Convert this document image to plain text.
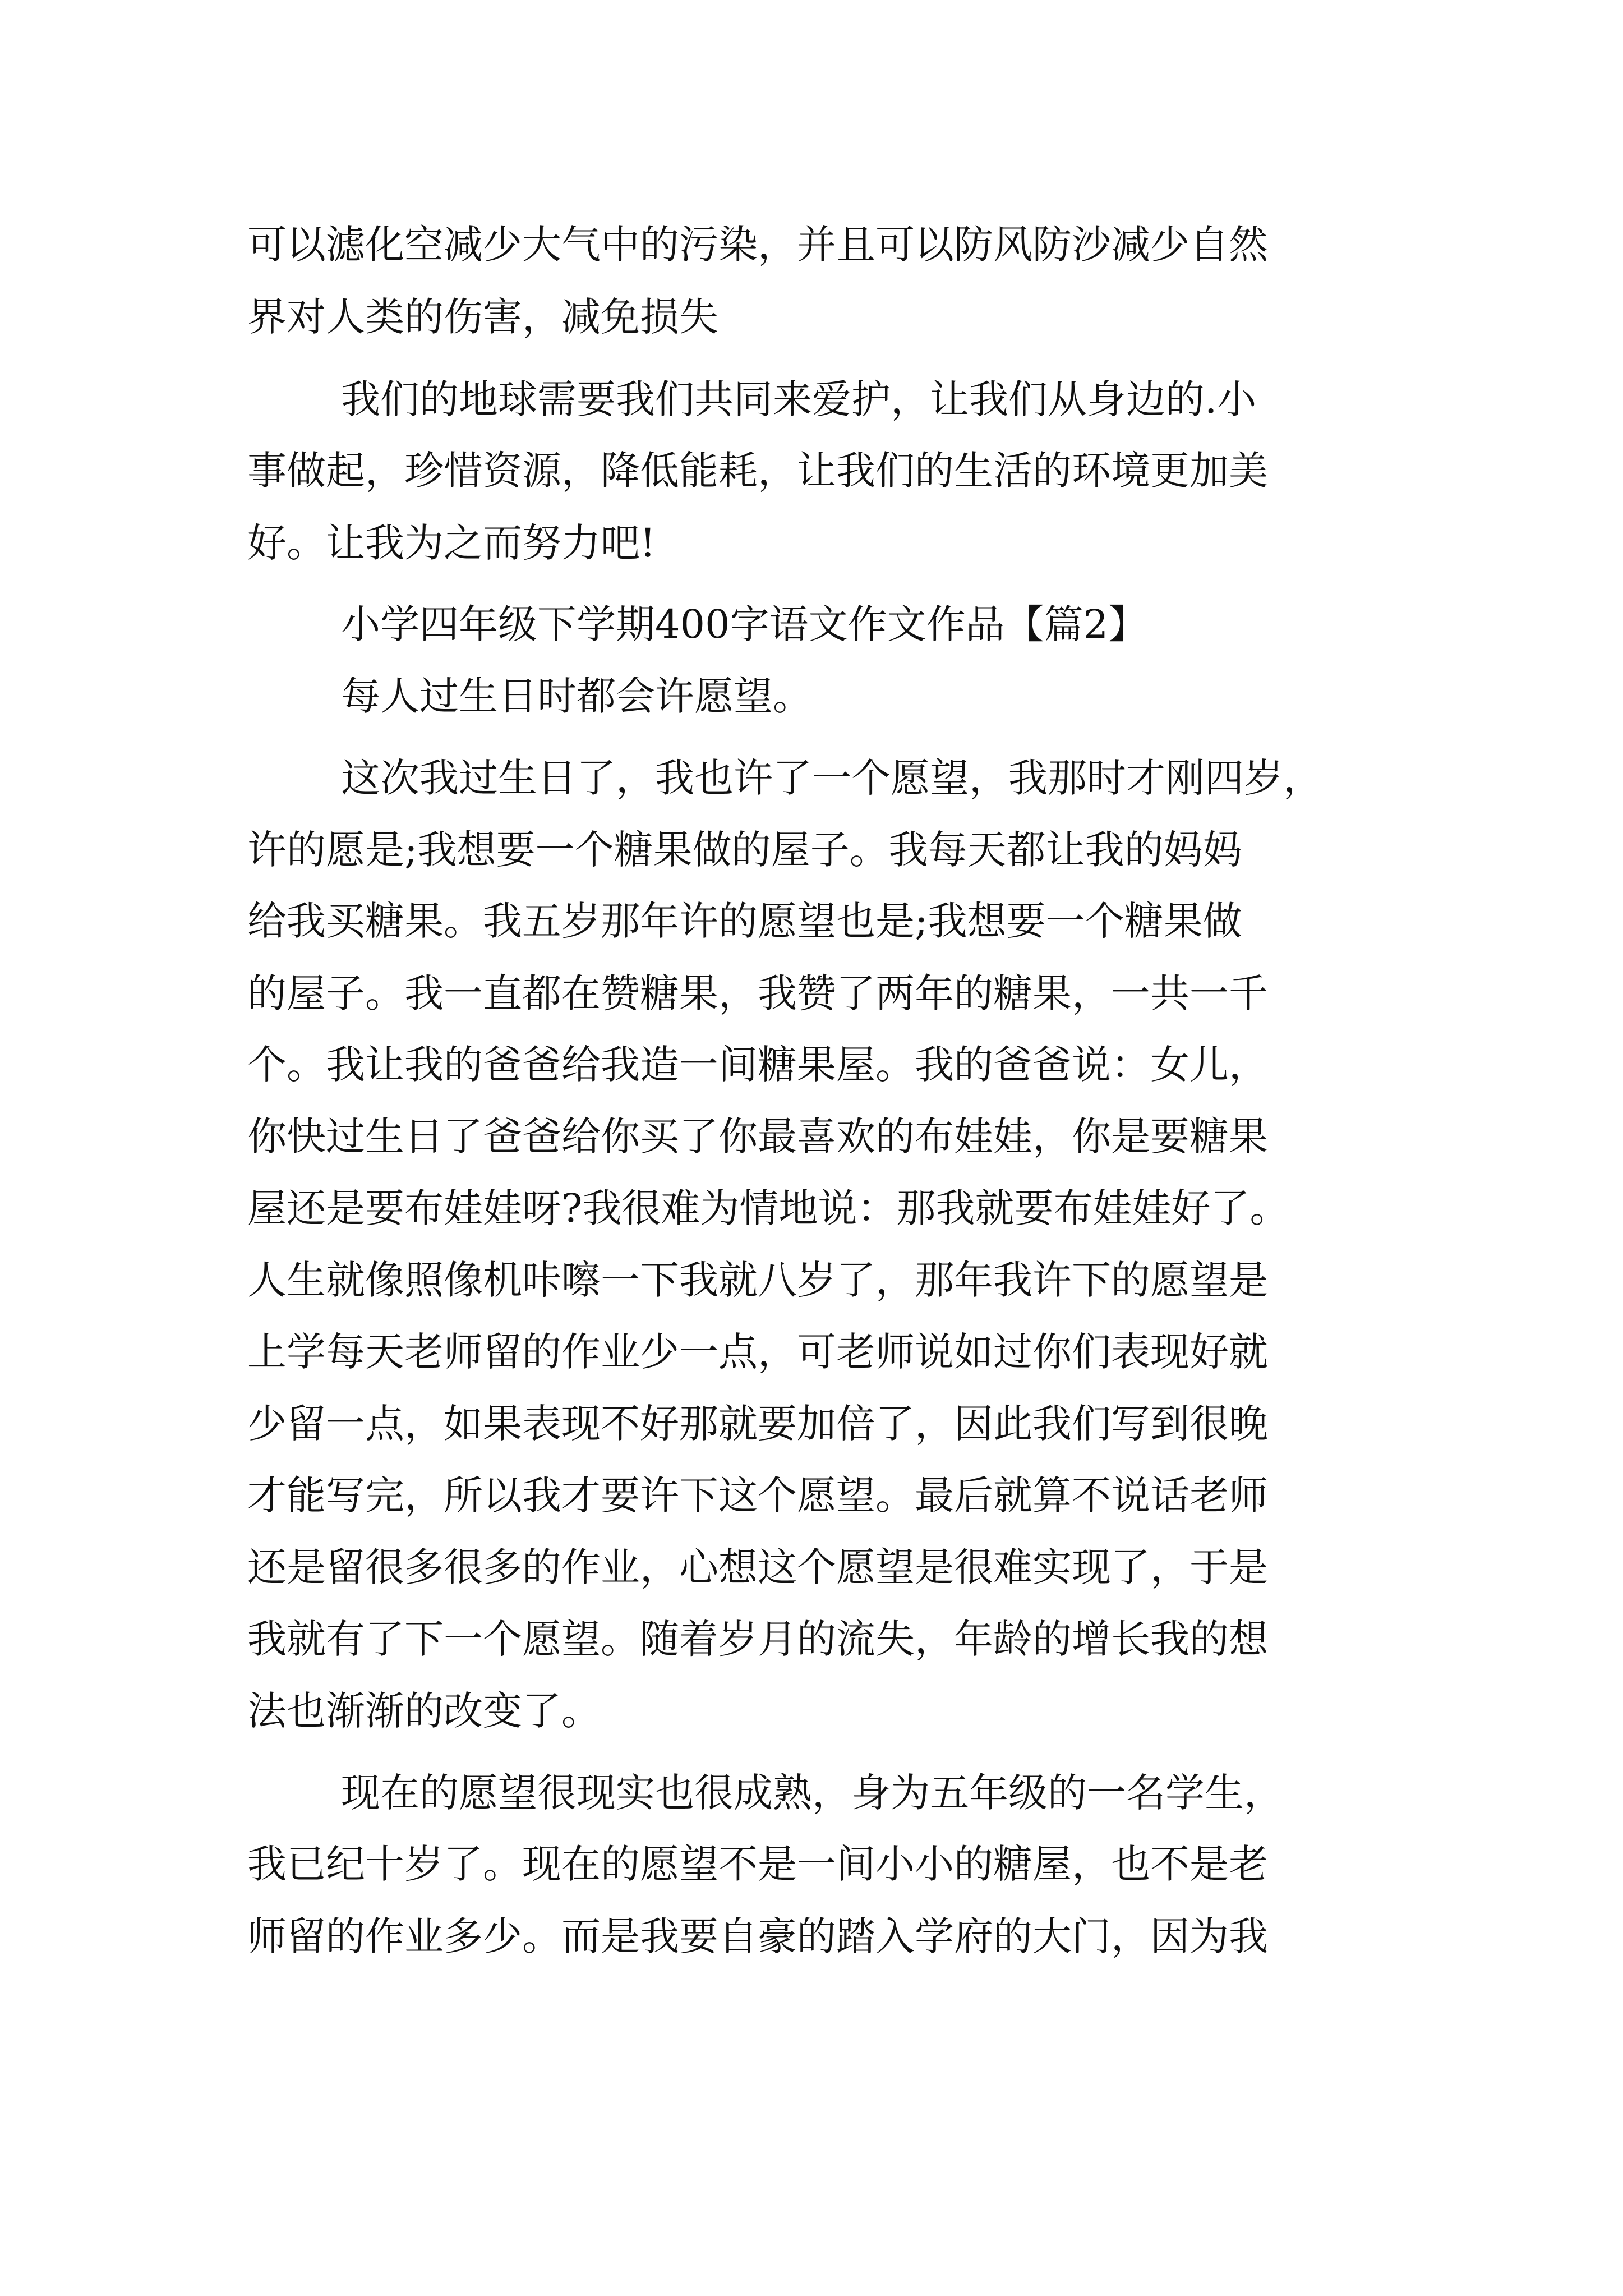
可以滤化空减少大气中的污染，并且可以防风防沙减少自然
界对人类的伤害，减免损失
我们的地球需要我们共同来爱护，让我们从身边的.小
事做起，珍惜资源，降低能耗，让我们的生活的环境更加美
好。让我为之而努力吧!
小学四年级下学期400字语文作文作品【篇2】
每人过生日时都会许愿望。
这次我过生日了，我也许了一个愿望，我那时才刚四岁，
许的愿是;我想要一个糖果做的屋子。我每天都让我的妈妈
给我买糖果。我五岁那年许的愿望也是;我想要一个糖果做
的屋子。我一直都在赞糖果，我赞了两年的糖果，一共一千
个。我让我的爸爸给我造一间糖果屋。我的爸爸说：女儿，
你快过生日了爸爸给你买了你最喜欢的布娃娃，你是要糖果
屋还是要布娃娃呀?我很难为情地说：那我就要布娃娃好了。
人生就像照像机咔嚓一下我就八岁了，那年我许下的愿望是
上学每天老师留的作业少一点，可老师说如过你们表现好就
少留一点，如果表现不好那就要加倍了，因此我们写到很晚
才能写完，所以我才要许下这个愿望。最后就算不说话老师
还是留很多很多的作业，心想这个愿望是很难实现了，于是
我就有了下一个愿望。随着岁月的流失，年龄的增长我的想
法也渐渐的改变了。
现在的愿望很现实也很成熟，身为五年级的一名学生，
我已纪十岁了。现在的愿望不是一间小小的糖屋，也不是老
师留的作业多少。而是我要自豪的踏入学府的大门，因为我
